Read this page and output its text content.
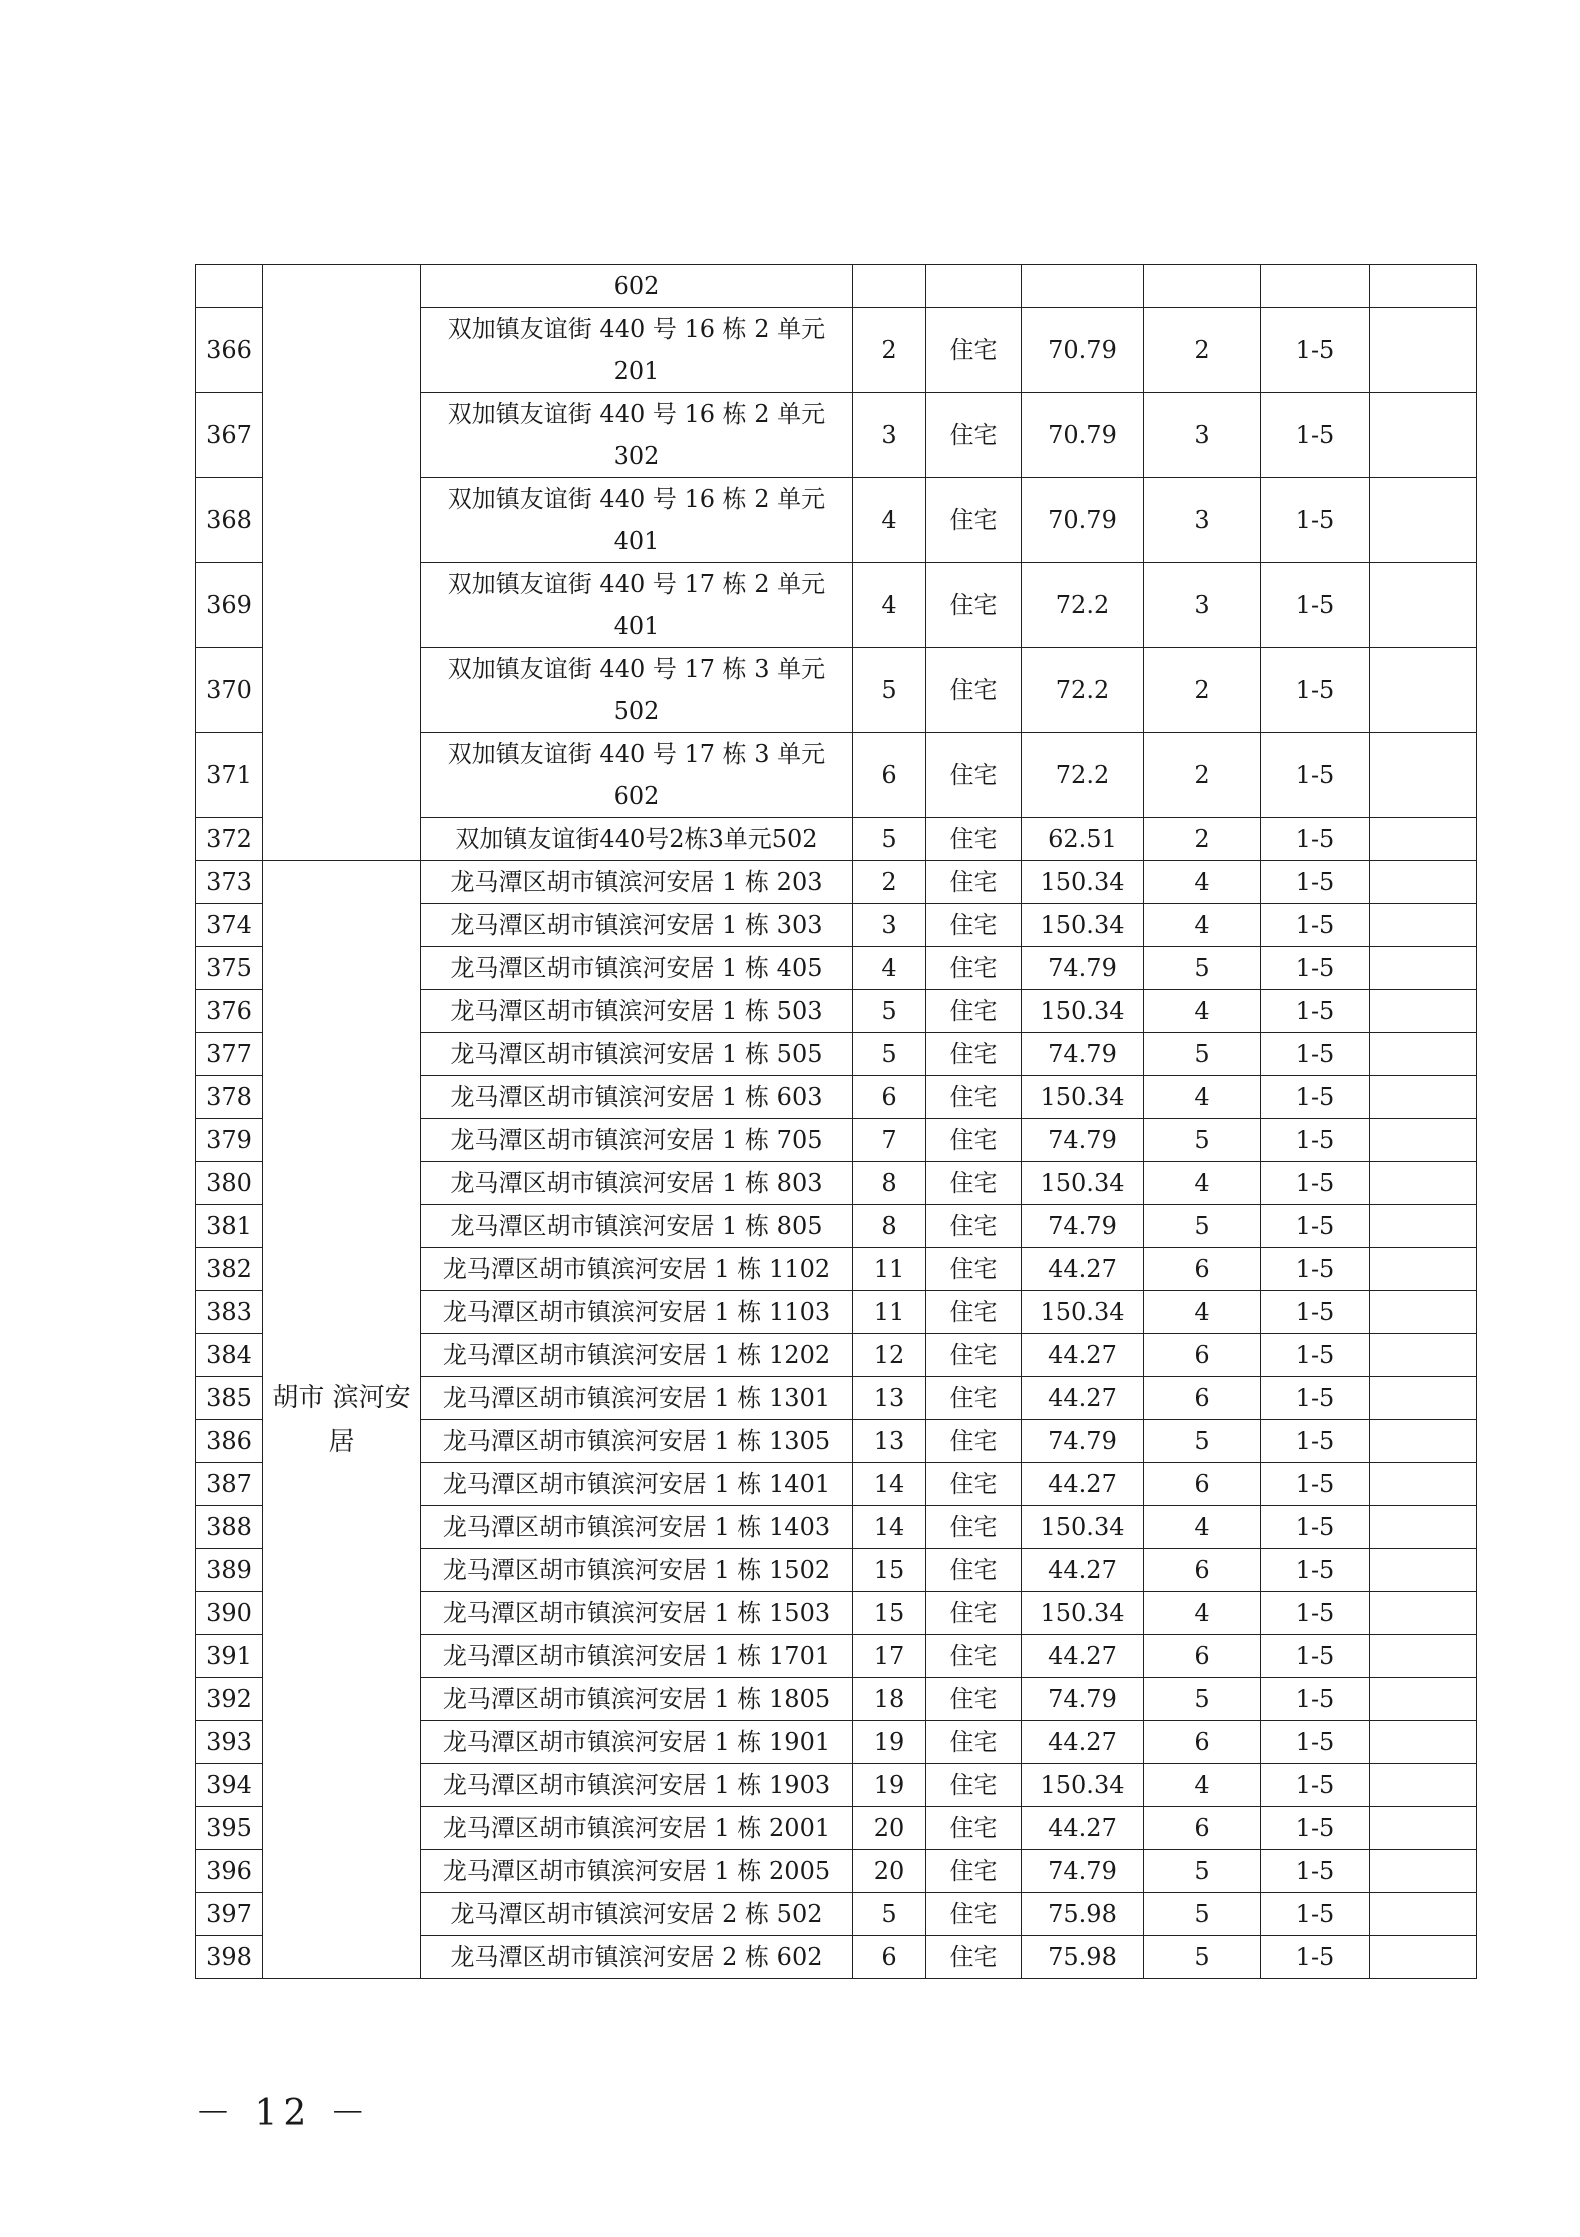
		602						
366		双加镇友谊街 440 号 16 栋 2 单元 201	2	住宅	70.79	2	1-5	
367		双加镇友谊街 440 号 16 栋 2 单元 302	3	住宅	70.79	3	1-5	
368		双加镇友谊街 440 号 16 栋 2 单元 401	4	住宅	70.79	3	1-5	
369		双加镇友谊街 440 号 17 栋 2 单元 401	4	住宅	72.2	3	1-5	
370		双加镇友谊街 440 号 17 栋 3 单元 502	5	住宅	72.2	2	1-5	
371		双加镇友谊街 440 号 17 栋 3 单元 602	6	住宅	72.2	2	1-5	
372		双加镇友谊街440号2栋3单元502	5	住宅	62.51	2	1-5	
373	胡市 滨河安居	龙马潭区胡市镇滨河安居 1 栋 203	2	住宅	150.34	4	1-5	
374		龙马潭区胡市镇滨河安居 1 栋 303	3	住宅	150.34	4	1-5	
375		龙马潭区胡市镇滨河安居 1 栋 405	4	住宅	74.79	5	1-5	
376		龙马潭区胡市镇滨河安居 1 栋 503	5	住宅	150.34	4	1-5	
377		龙马潭区胡市镇滨河安居 1 栋 505	5	住宅	74.79	5	1-5	
378		龙马潭区胡市镇滨河安居 1 栋 603	6	住宅	150.34	4	1-5	
379		龙马潭区胡市镇滨河安居 1 栋 705	7	住宅	74.79	5	1-5	
380		龙马潭区胡市镇滨河安居 1 栋 803	8	住宅	150.34	4	1-5	
381		龙马潭区胡市镇滨河安居 1 栋 805	8	住宅	74.79	5	1-5	
382		龙马潭区胡市镇滨河安居 1 栋 1102	11	住宅	44.27	6	1-5	
383		龙马潭区胡市镇滨河安居 1 栋 1103	11	住宅	150.34	4	1-5	
384		龙马潭区胡市镇滨河安居 1 栋 1202	12	住宅	44.27	6	1-5	
385		龙马潭区胡市镇滨河安居 1 栋 1301	13	住宅	44.27	6	1-5	
386		龙马潭区胡市镇滨河安居 1 栋 1305	13	住宅	74.79	5	1-5	
387		龙马潭区胡市镇滨河安居 1 栋 1401	14	住宅	44.27	6	1-5	
388		龙马潭区胡市镇滨河安居 1 栋 1403	14	住宅	150.34	4	1-5	
389		龙马潭区胡市镇滨河安居 1 栋 1502	15	住宅	44.27	6	1-5	
390		龙马潭区胡市镇滨河安居 1 栋 1503	15	住宅	150.34	4	1-5	
391		龙马潭区胡市镇滨河安居 1 栋 1701	17	住宅	44.27	6	1-5	
392		龙马潭区胡市镇滨河安居 1 栋 1805	18	住宅	74.79	5	1-5	
393		龙马潭区胡市镇滨河安居 1 栋 1901	19	住宅	44.27	6	1-5	
394		龙马潭区胡市镇滨河安居 1 栋 1903	19	住宅	150.34	4	1-5	
395		龙马潭区胡市镇滨河安居 1 栋 2001	20	住宅	44.27	6	1-5	
396		龙马潭区胡市镇滨河安居 1 栋 2005	20	住宅	74.79	5	1-5	
397		龙马潭区胡市镇滨河安居 2 栋 502	5	住宅	75.98	5	1-5	
398		龙马潭区胡市镇滨河安居 2 栋 602	6	住宅	75.98	5	1-5	
－ 12 －
